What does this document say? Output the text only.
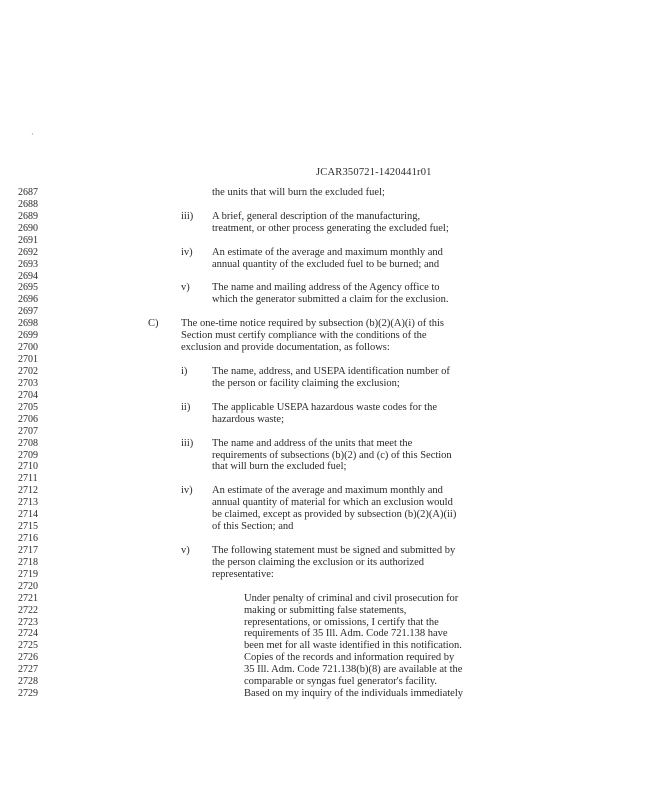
·
JCAR350721-1420441r01
2687	the units that will burn the excluded fuel;
2688
2689	iii) A brief, general description of the manufacturing,
2690	treatment, or other process generating the excluded fuel;
2691
2692	iv) An estimate of the average and maximum monthly and
2693	annual quantity of the excluded fuel to be burned; and
2694
2695	v) The name and mailing address of the Agency office to
2696	which the generator submitted a claim for the exclusion.
2697
2698	C) The one-time notice required by subsection (b)(2)(A)(i) of this
2699	Section must certify compliance with the conditions of the
2700	exclusion and provide documentation, as follows:
2701
2702	i) The name, address, and USEPA identification number of
2703	the person or facility claiming the exclusion;
2704
2705	ii) The applicable USEPA hazardous waste codes for the
2706	hazardous waste;
2707
2708	iii) The name and address of the units that meet the
2709	requirements of subsections (b)(2) and (c) of this Section
2710	that will burn the excluded fuel;
2711
2712	iv) An estimate of the average and maximum monthly and
2713	annual quantity of material for which an exclusion would
2714	be claimed, except as provided by subsection (b)(2)(A)(ii)
2715	of this Section; and
2716
2717	v) The following statement must be signed and submitted by
2718	the person claiming the exclusion or its authorized
2719	representative:
2720
2721	Under penalty of criminal and civil prosecution for
2722	making or submitting false statements,
2723	representations, or omissions, I certify that the
2724	requirements of 35 Ill. Adm. Code 721.138 have
2725	been met for all waste identified in this notification.
2726	Copies of the records and information required by
2727	35 Ill. Adm. Code 721.138(b)(8) are available at the
2728	comparable or syngas fuel generator's facility.
2729	Based on my inquiry of the individuals immediately
